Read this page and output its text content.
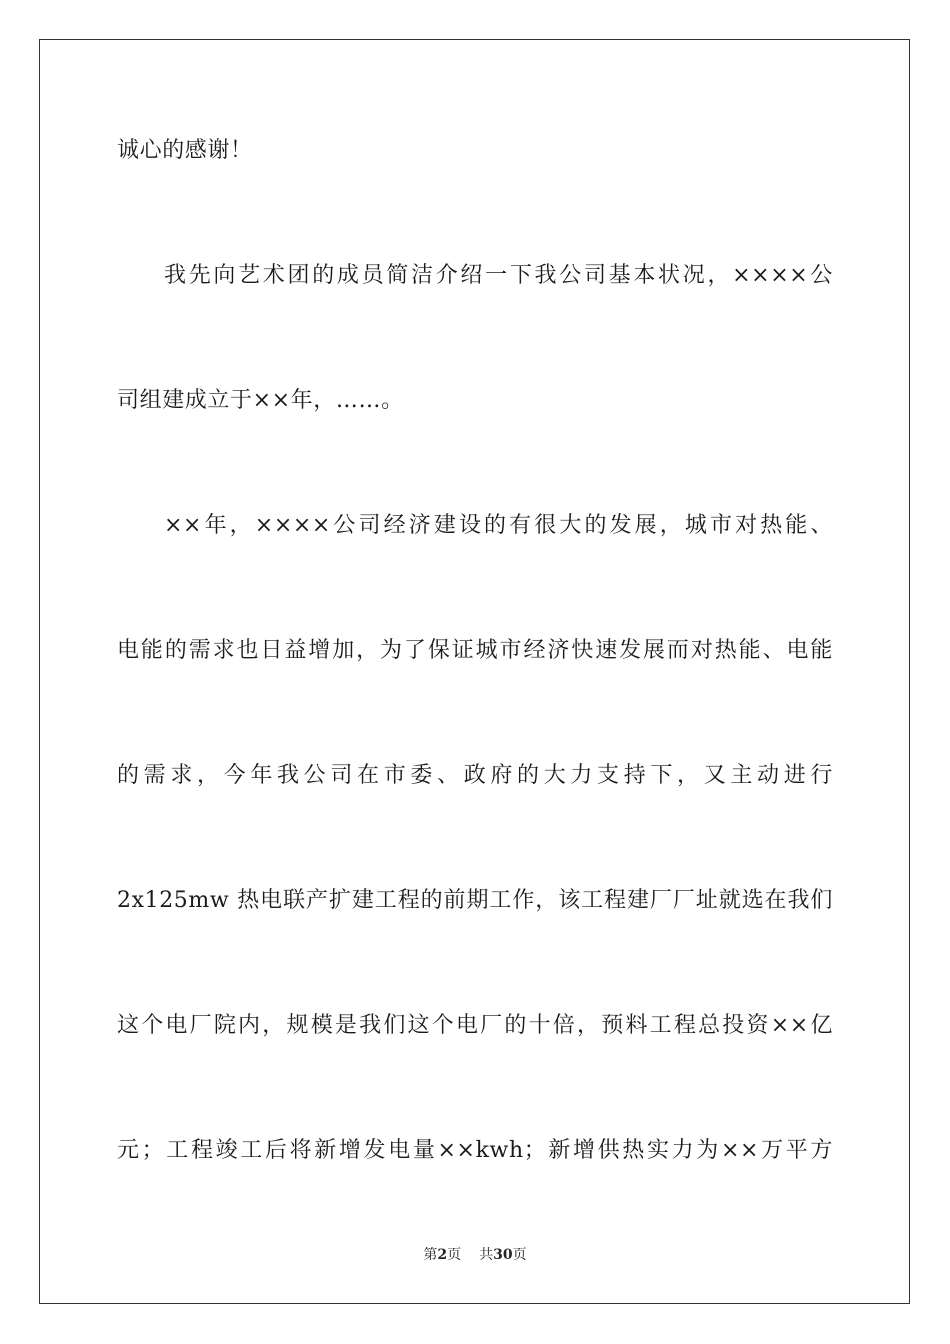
诚心的感谢！
我先向艺术团的成员简洁介绍一下我公司基本状况，××××公
司组建成立于××年，……。
××年，××××公司经济建设的有很大的发展，城市对热能、
电能的需求也日益增加，为了保证城市经济快速发展而对热能、电能
的需求，今年我公司在市委、政府的大力支持下，又主动进行
2x125mw 热电联产扩建工程的前期工作，该工程建厂厂址就选在我们
这个电厂院内，规模是我们这个电厂的十倍，预料工程总投资××亿
元；工程竣工后将新增发电量××kwh；新增供热实力为××万平方
第2页 共30页
